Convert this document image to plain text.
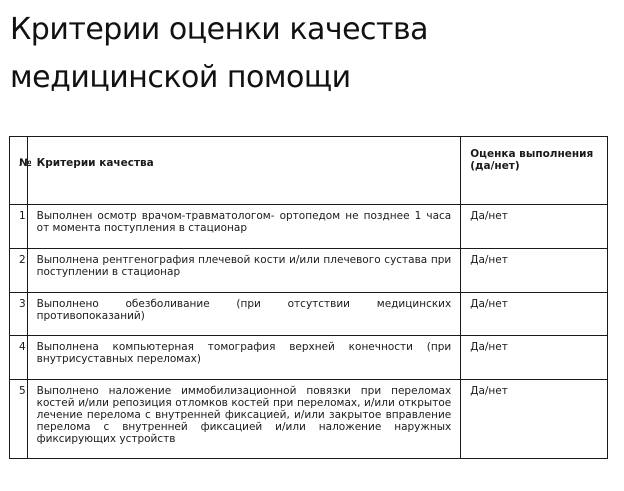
Критерии оценки качества медицинской помощи
№	Критерии качества	Оценка выполнения (да/нет)
1	Выполнен осмотр врачом-травматологом- ортопедом не позднее 1 часа от момента поступления в стационар	Да/нет
2	Выполнена рентгенография плечевой кости и/или плечевого сустава при поступлении в стационар	Да/нет
3	Выполнено обезболивание (при отсутствии медицинских противопоказаний)	Да/нет
4	Выполнена компьютерная томография верхней конечности (при внутрисуставных переломах)	Да/нет
5	Выполнено наложение иммобилизационной повязки при переломах костей и/или репозиция отломков костей при переломах, и/или открытое лечение перелома с внутренней фиксацией, и/или закрытое вправление перелома с внутренней фиксацией и/или наложение наружных фиксирующих устройств	Да/нет
